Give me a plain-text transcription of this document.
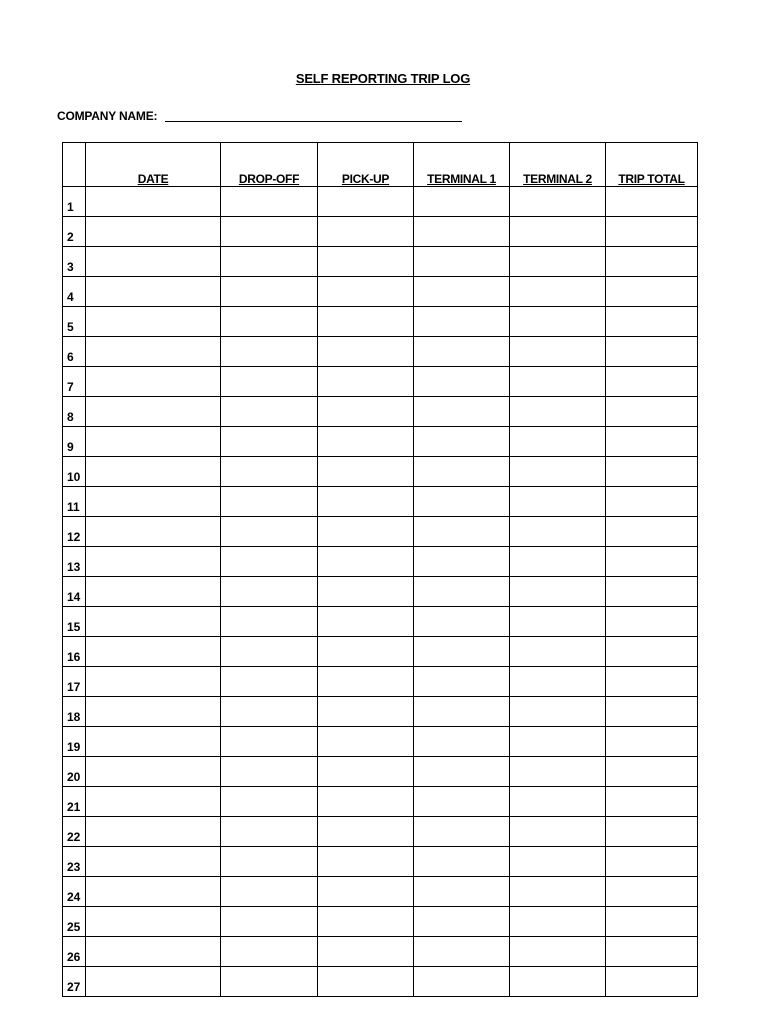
SELF REPORTING TRIP LOG
COMPANY NAME:
	DATE	DROP-OFF	PICK-UP	TERMINAL 1	TERMINAL 2	TRIP TOTAL
1						
2						
3						
4						
5						
6						
7						
8						
9						
10						
11						
12						
13						
14						
15						
16						
17						
18						
19						
20						
21						
22						
23						
24						
25						
26						
27						
